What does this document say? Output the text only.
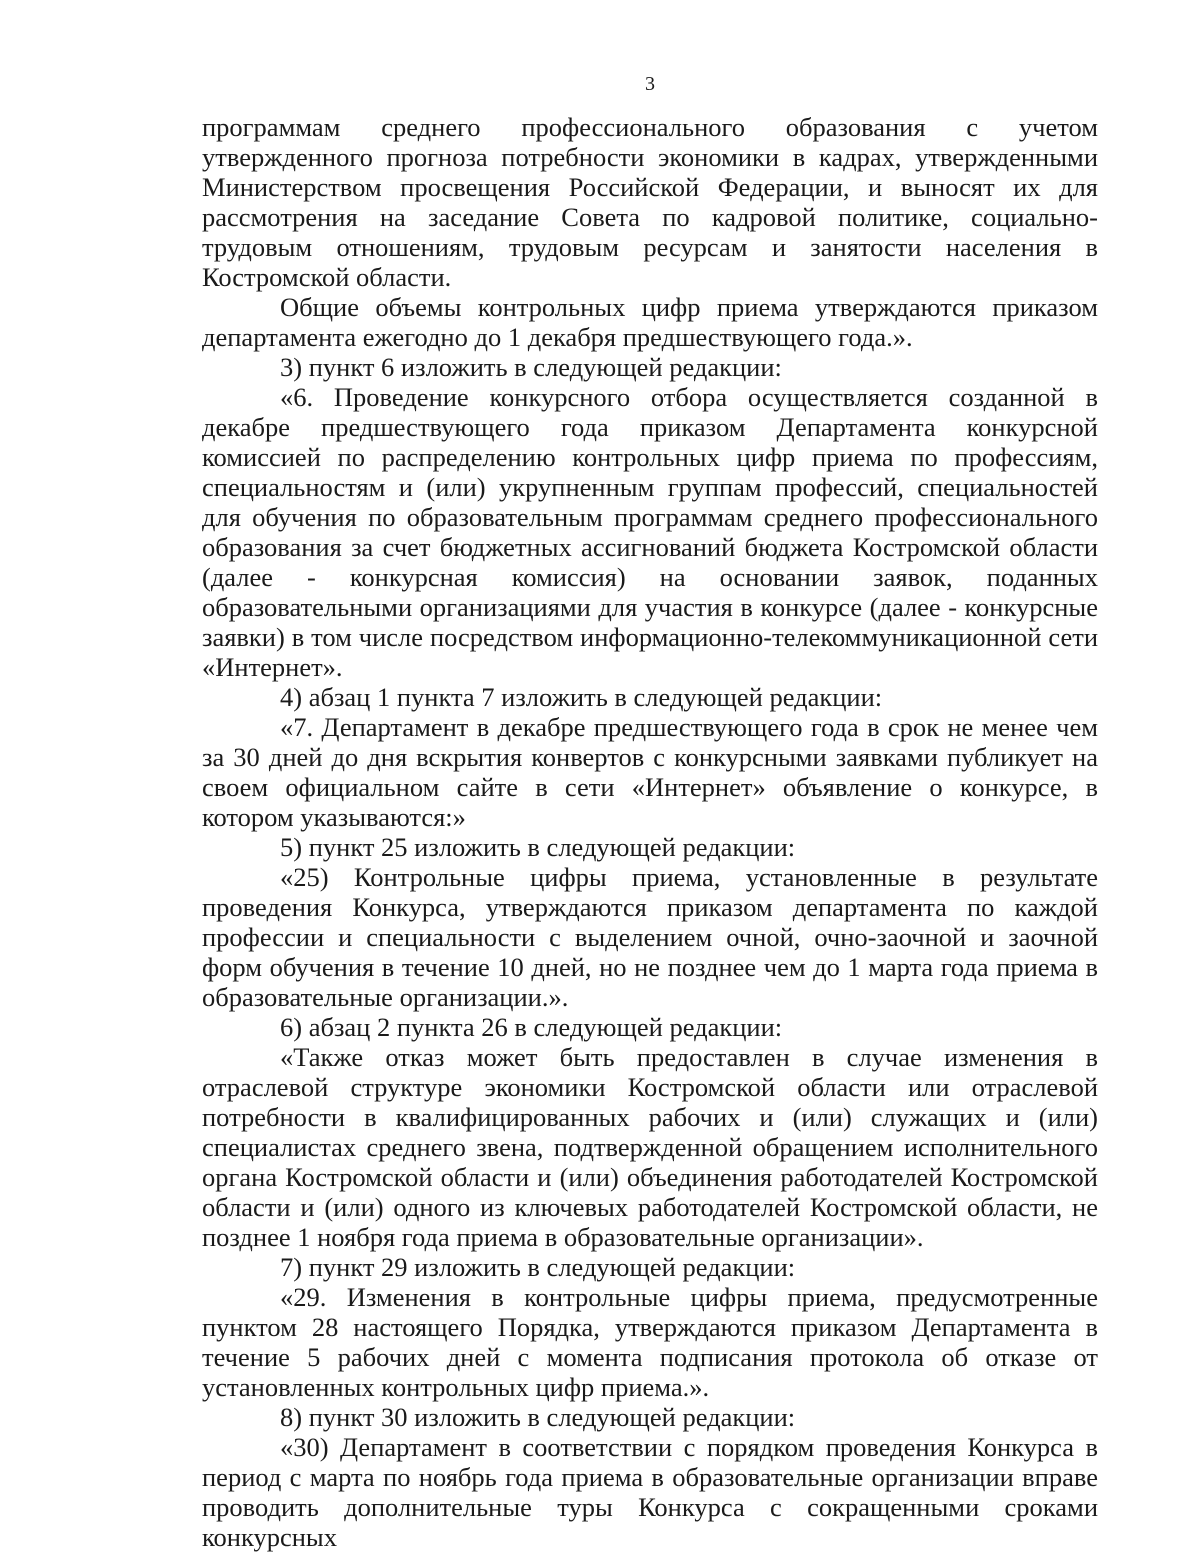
3

программам среднего профессионального образования с учетом утвержденного прогноза потребности экономики в кадрах, утвержденными Министерством просвещения Российской Федерации, и выносят их для рассмотрения на заседание Совета по кадровой политике, социально-трудовым отношениям, трудовым ресурсам и занятости населения в Костромской области.

Общие объемы контрольных цифр приема утверждаются приказом департамента ежегодно до 1 декабря предшествующего года.».

3) пункт 6 изложить в следующей редакции:

«6. Проведение конкурсного отбора осуществляется созданной в декабре предшествующего года приказом Департамента конкурсной комиссией по распределению контрольных цифр приема по профессиям, специальностям и (или) укрупненным группам профессий, специальностей для обучения по образовательным программам среднего профессионального образования за счет бюджетных ассигнований бюджета Костромской области (далее - конкурсная комиссия) на основании заявок, поданных образовательными организациями для участия в конкурсе (далее - конкурсные заявки) в том числе посредством информационно-телекоммуникационной сети «Интернет».

4) абзац 1 пункта 7 изложить в следующей редакции:

«7. Департамент в декабре предшествующего года в срок не менее чем за 30 дней до дня вскрытия конвертов с конкурсными заявками публикует на своем официальном сайте в сети «Интернет» объявление о конкурсе, в котором указываются:»

5) пункт 25 изложить в следующей редакции:

«25) Контрольные цифры приема, установленные в результате проведения Конкурса, утверждаются приказом департамента по каждой профессии и специальности с выделением очной, очно-заочной и заочной форм обучения в течение 10 дней, но не позднее чем до 1 марта года приема в образовательные организации.».

6) абзац 2 пункта 26 в следующей редакции:

«Также отказ может быть предоставлен в случае изменения в отраслевой структуре экономики Костромской области или отраслевой потребности в квалифицированных рабочих и (или) служащих и (или) специалистах среднего звена, подтвержденной обращением исполнительного органа Костромской области и (или) объединения работодателей Костромской области и (или) одного из ключевых работодателей Костромской области, не позднее 1 ноября года приема в образовательные организации».

7) пункт 29 изложить в следующей редакции:

«29. Изменения в контрольные цифры приема, предусмотренные пунктом 28 настоящего Порядка, утверждаются приказом Департамента в течение 5 рабочих дней с момента подписания протокола об отказе от установленных контрольных цифр приема.».

8) пункт 30 изложить в следующей редакции:

«30) Департамент в соответствии с порядком проведения Конкурса в период с марта по ноябрь года приема в образовательные организации вправе проводить дополнительные туры Конкурса с сокращенными сроками конкурсных
